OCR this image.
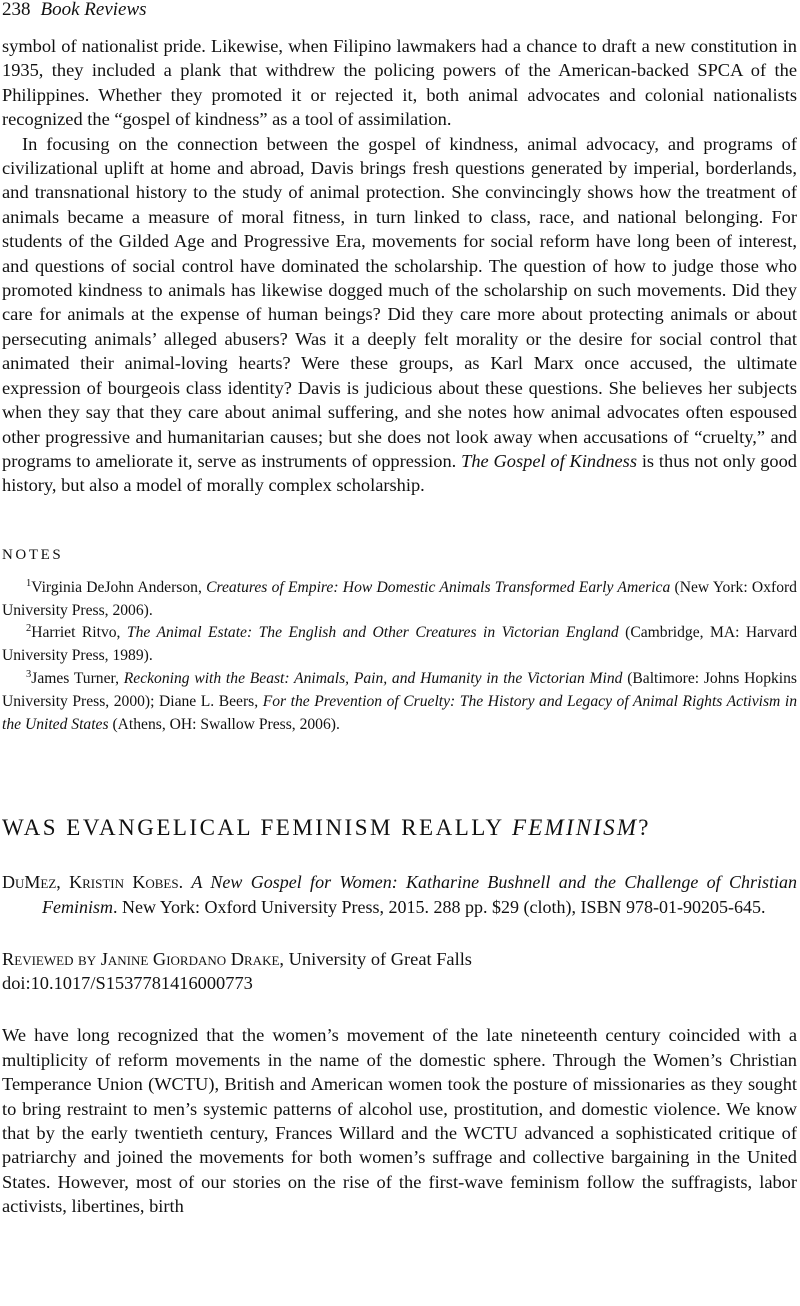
238 Book Reviews

symbol of nationalist pride. Likewise, when Filipino lawmakers had a chance to draft a new constitution in 1935, they included a plank that withdrew the policing powers of the American-backed SPCA of the Philippines. Whether they promoted it or rejected it, both animal advocates and colonial nationalists recognized the “gospel of kindness” as a tool of assimilation.

In focusing on the connection between the gospel of kindness, animal advocacy, and programs of civilizational uplift at home and abroad, Davis brings fresh questions generated by imperial, borderlands, and transnational history to the study of animal protection. She convincingly shows how the treatment of animals became a measure of moral fitness, in turn linked to class, race, and national belonging. For students of the Gilded Age and Progressive Era, movements for social reform have long been of interest, and questions of social control have dominated the scholarship. The question of how to judge those who promoted kindness to animals has likewise dogged much of the scholarship on such movements. Did they care for animals at the expense of human beings? Did they care more about protecting animals or about persecuting animals’ alleged abusers? Was it a deeply felt morality or the desire for social control that animated their animal-loving hearts? Were these groups, as Karl Marx once accused, the ultimate expression of bourgeois class identity? Davis is judicious about these questions. She believes her subjects when they say that they care about animal suffering, and she notes how animal advocates often espoused other progressive and humanitarian causes; but she does not look away when accusations of “cruelty,” and programs to ameliorate it, serve as instruments of oppression. The Gospel of Kindness is thus not only good history, but also a model of morally complex scholarship.

NOTES

$^1$Virginia DeJohn Anderson, Creatures of Empire: How Domestic Animals Transformed Early America (New York: Oxford University Press, 2006).

$^2$Harriet Ritvo, The Animal Estate: The English and Other Creatures in Victorian England (Cambridge, MA: Harvard University Press, 1989).

$^3$James Turner, Reckoning with the Beast: Animals, Pain, and Humanity in the Victorian Mind (Baltimore: Johns Hopkins University Press, 2000); Diane L. Beers, For the Prevention of Cruelty: The History and Legacy of Animal Rights Activism in the United States (Athens, OH: Swallow Press, 2006).

WAS EVANGELICAL FEMINISM REALLY FEMINISM?
DuMez, Kristin Kobes. A New Gospel for Women: Katharine Bushnell and the Challenge of Christian Feminism. New York: Oxford University Press, 2015. 288 pp. $29 (cloth), ISBN 978-01-90205-645.
Reviewed by Janine Giordano Drake, University of Great Falls
doi:10.1017/S1537781416000773

We have long recognized that the women’s movement of the late nineteenth century coincided with a multiplicity of reform movements in the name of the domestic sphere. Through the Women’s Christian Temperance Union (WCTU), British and American women took the posture of missionaries as they sought to bring restraint to men’s systemic patterns of alcohol use, prostitution, and domestic violence. We know that by the early twentieth century, Frances Willard and the WCTU advanced a sophisticated critique of patriarchy and joined the movements for both women’s suffrage and collective bargaining in the United States. However, most of our stories on the rise of the first-wave feminism follow the suffragists, labor activists, libertines, birth
